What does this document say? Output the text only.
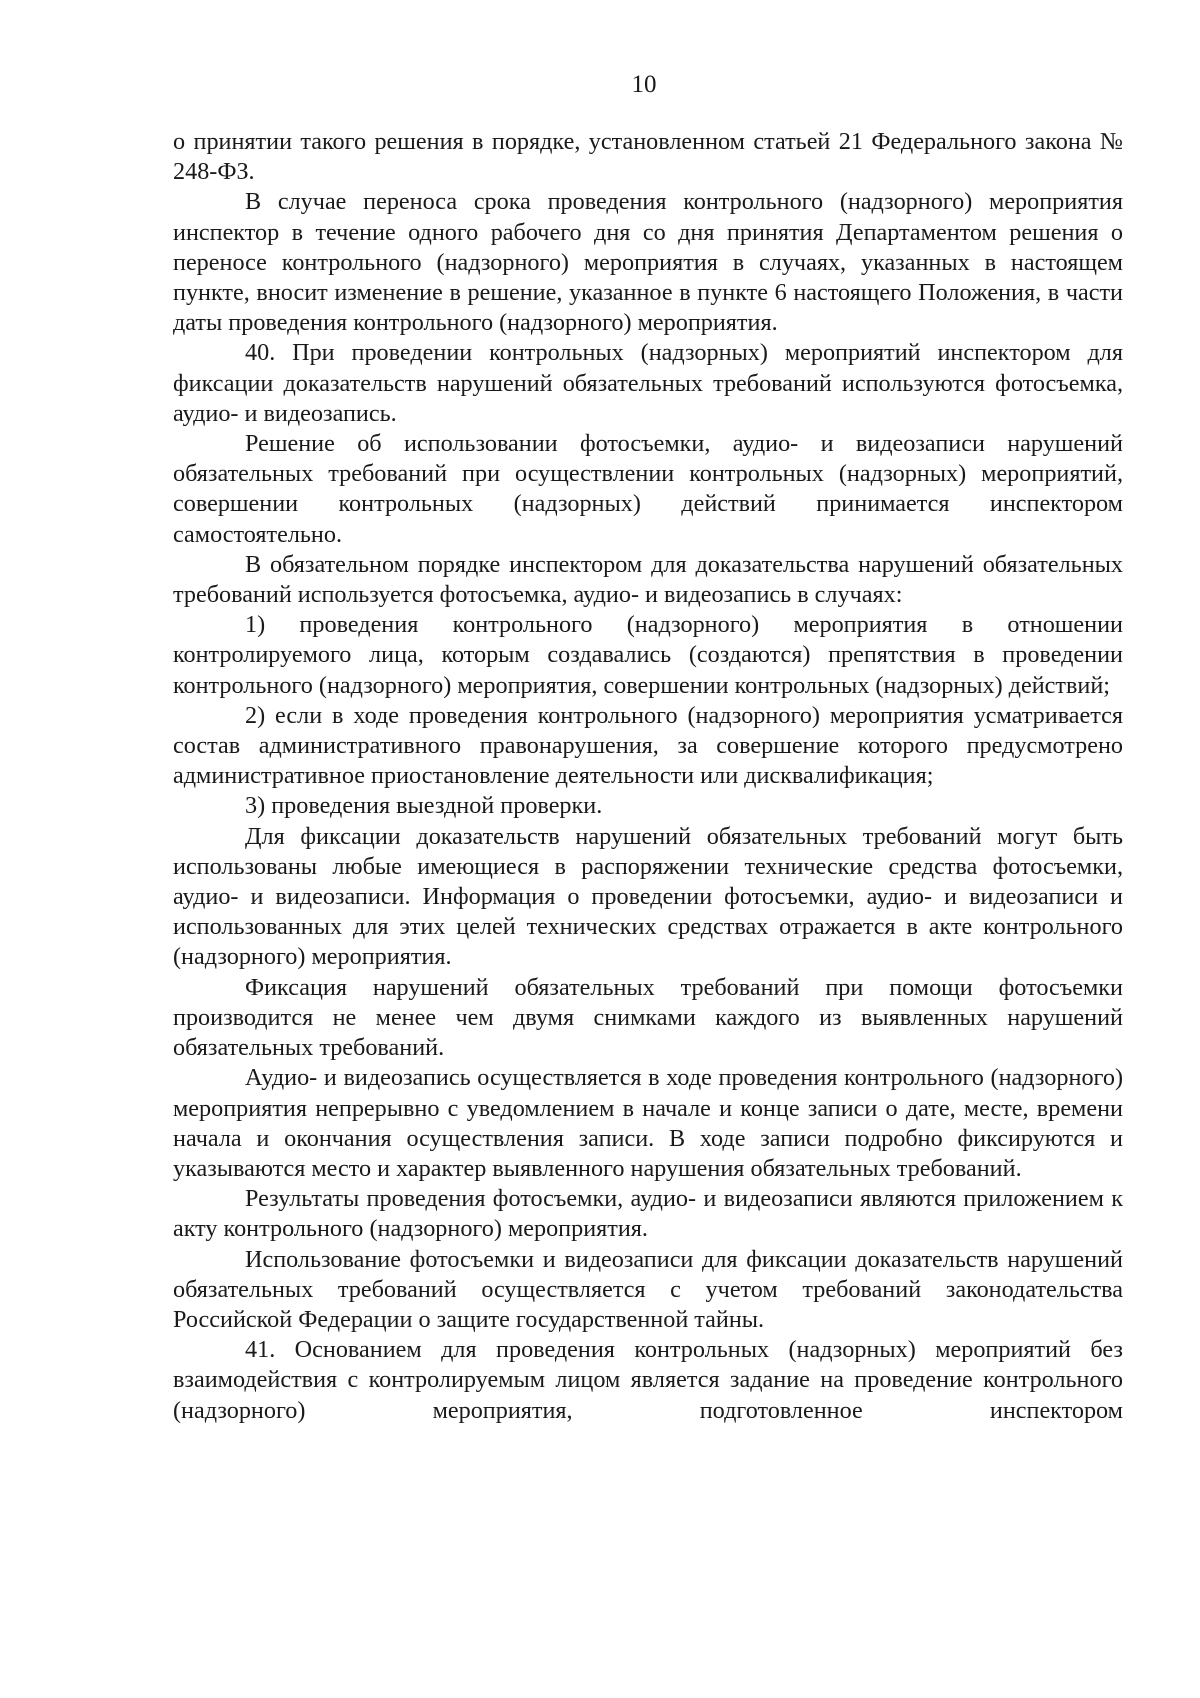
10

о принятии такого решения в порядке, установленном статьей 21 Федерального закона № 248-ФЗ.

В случае переноса срока проведения контрольного (надзорного) мероприятия инспектор в течение одного рабочего дня со дня принятия Департаментом решения о переносе контрольного (надзорного) мероприятия в случаях, указанных в настоящем пункте, вносит изменение в решение, указанное в пункте 6 настоящего Положения, в части даты проведения контрольного (надзорного) мероприятия.

40. При проведении контрольных (надзорных) мероприятий инспектором для фиксации доказательств нарушений обязательных требований используются фотосъемка, аудио- и видеозапись.

Решение об использовании фотосъемки, аудио- и видеозаписи нарушений обязательных требований при осуществлении контрольных (надзорных) мероприятий, совершении контрольных (надзорных) действий принимается инспектором самостоятельно.

В обязательном порядке инспектором для доказательства нарушений обязательных требований используется фотосъемка, аудио- и видеозапись в случаях:

1) проведения контрольного (надзорного) мероприятия в отношении контролируемого лица, которым создавались (создаются) препятствия в проведении контрольного (надзорного) мероприятия, совершении контрольных (надзорных) действий;

2) если в ходе проведения контрольного (надзорного) мероприятия усматривается состав административного правонарушения, за совершение которого предусмотрено административное приостановление деятельности или дисквалификация;

3) проведения выездной проверки.

Для фиксации доказательств нарушений обязательных требований могут быть использованы любые имеющиеся в распоряжении технические средства фотосъемки, аудио- и видеозаписи. Информация о проведении фотосъемки, аудио- и видеозаписи и использованных для этих целей технических средствах отражается в акте контрольного (надзорного) мероприятия.

Фиксация нарушений обязательных требований при помощи фотосъемки производится не менее чем двумя снимками каждого из выявленных нарушений обязательных требований.

Аудио- и видеозапись осуществляется в ходе проведения контрольного (надзорного) мероприятия непрерывно с уведомлением в начале и конце записи о дате, месте, времени начала и окончания осуществления записи. В ходе записи подробно фиксируются и указываются место и характер выявленного нарушения обязательных требований.

Результаты проведения фотосъемки, аудио- и видеозаписи являются приложением к акту контрольного (надзорного) мероприятия.

Использование фотосъемки и видеозаписи для фиксации доказательств нарушений обязательных требований осуществляется с учетом требований законодательства Российской Федерации о защите государственной тайны.

41. Основанием для проведения контрольных (надзорных) мероприятий без взаимодействия с контролируемым лицом является задание на проведение контрольного (надзорного) мероприятия, подготовленное инспектором
